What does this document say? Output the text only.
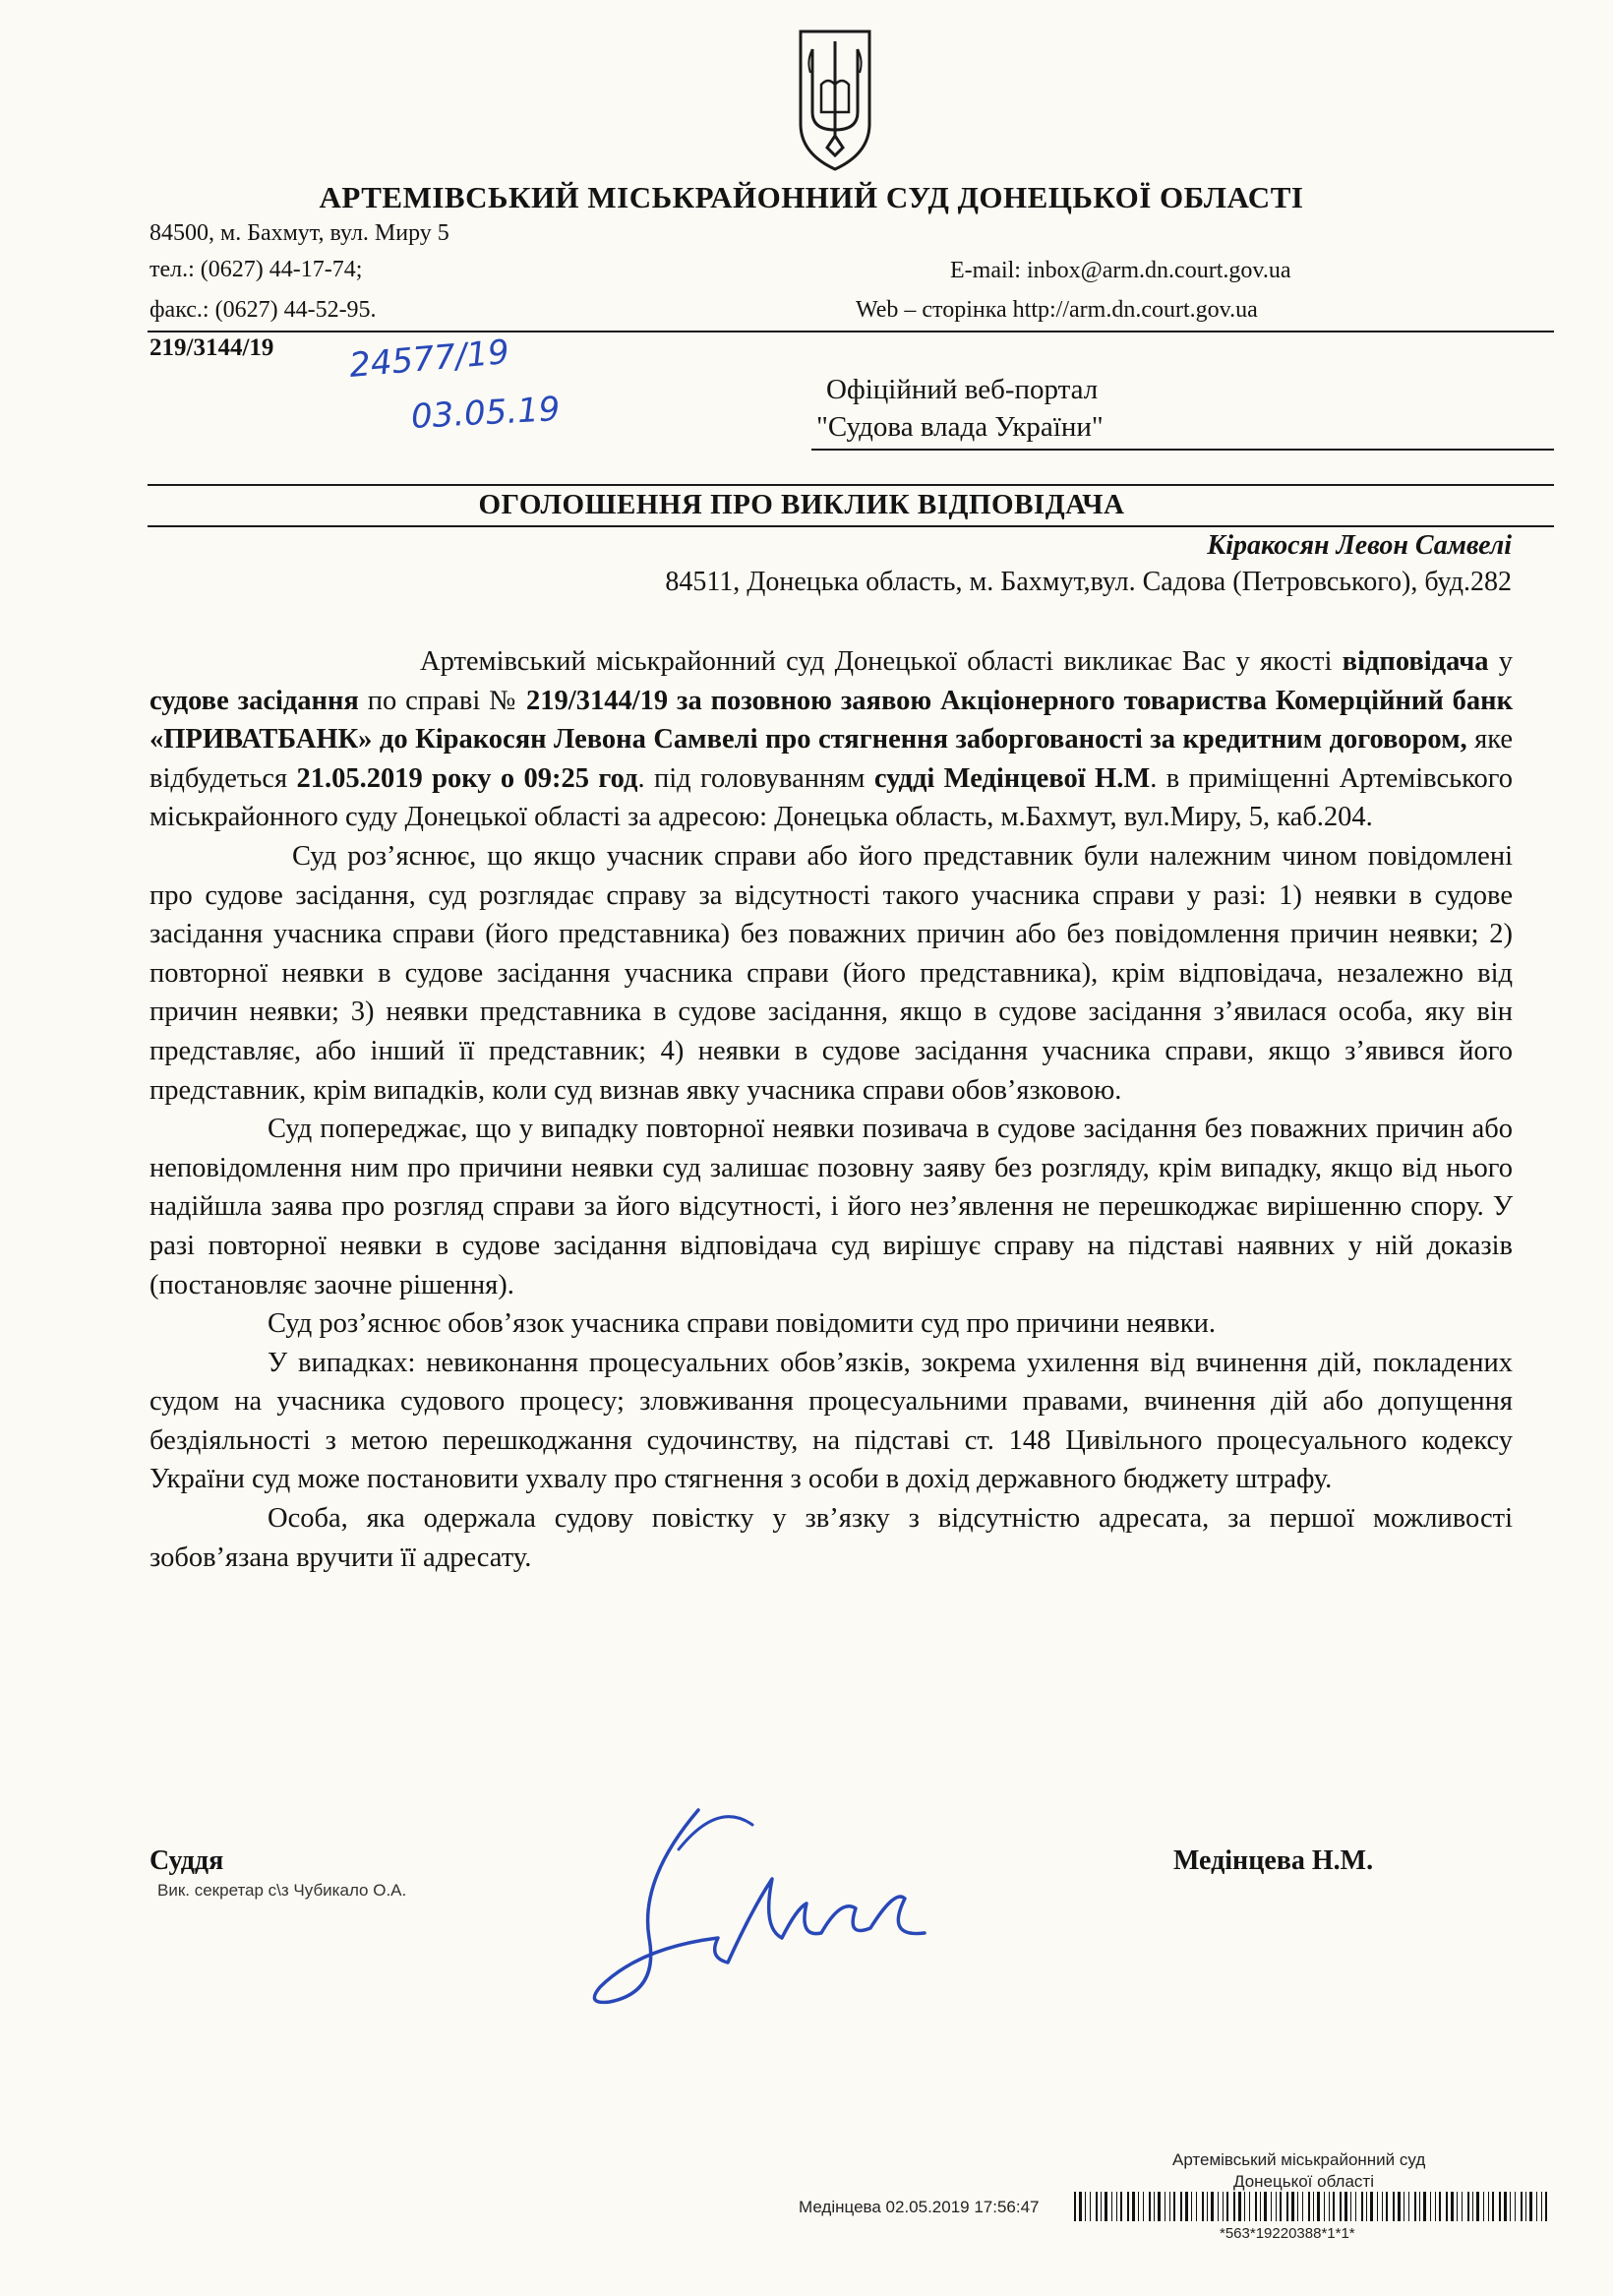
АРТЕМІВСЬКИЙ МІСЬКРАЙОННИЙ СУД ДОНЕЦЬКОЇ ОБЛАСТІ
84500, м. Бахмут, вул. Миру 5
тел.: (0627) 44-17-74;
факс.: (0627) 44-52-95.
E-mail: inbox@arm.dn.court.gov.ua
Web – сторінка http://arm.dn.court.gov.ua
219/3144/19 24577/19
03.05.19
Офіційний веб-портал
"Судова влада України"
ОГОЛОШЕННЯ ПРО ВИКЛИК ВІДПОВІДАЧА
Кіракосян Левон Самвелі
84511, Донецька область, м. Бахмут,вул. Садова (Петровського), буд.282

Артемівський міськрайонний суд Донецької області викликає Вас у якості відповідача у судове засідання по справі № 219/3144/19 за позовною заявою Акціонерного товариства Комерційний банк «ПРИВАТБАНК» до Кіракосян Левона Самвелі про стягнення заборгованості за кредитним договором, яке відбудеться 21.05.2019 року о 09:25 год. під головуванням судді Медінцевої Н.М. в приміщенні Артемівського міськрайонного суду Донецької області за адресою: Донецька область, м.Бахмут, вул.Миру, 5, каб.204.

Суд роз’яснює, що якщо учасник справи або його представник були належним чином повідомлені про судове засідання, суд розглядає справу за відсутності такого учасника справи у разі: 1) неявки в судове засідання учасника справи (його представника) без поважних причин або без повідомлення причин неявки; 2) повторної неявки в судове засідання учасника справи (його представника), крім відповідача, незалежно від причин неявки; 3) неявки представника в судове засідання, якщо в судове засідання з’явилася особа, яку він представляє, або інший її представник; 4) неявки в судове засідання учасника справи, якщо з’явився його представник, крім випадків, коли суд визнав явку учасника справи обов’язковою.

Суд попереджає, що у випадку повторної неявки позивача в судове засідання без поважних причин або неповідомлення ним про причини неявки суд залишає позовну заяву без розгляду, крім випадку, якщо від нього надійшла заява про розгляд справи за його відсутності, і його нез’явлення не перешкоджає вирішенню спору. У разі повторної неявки в судове засідання відповідача суд вирішує справу на підставі наявних у ній доказів (постановляє заочне рішення).

Суд роз’яснює обов’язок учасника справи повідомити суд про причини неявки.

У випадках: невиконання процесуальних обов’язків, зокрема ухилення від вчинення дій, покладених судом на учасника судового процесу; зловживання процесуальними правами, вчинення дій або допущення бездіяльності з метою перешкоджання судочинству, на підставі ст. 148 Цивільного процесуального кодексу України суд може постановити ухвалу про стягнення з особи в дохід державного бюджету штрафу.

Особа, яка одержала судову повістку у зв’язку з відсутністю адресата, за першої можливості зобов’язана вручити її адресату.

Суддя
Вик. секретар с\з Чубикало О.А.
Медінцева Н.М.
Артемівський міськрайонний суд
Донецької області
Медінцева 02.05.2019 17:56:47
*563*19220388*1*1*
